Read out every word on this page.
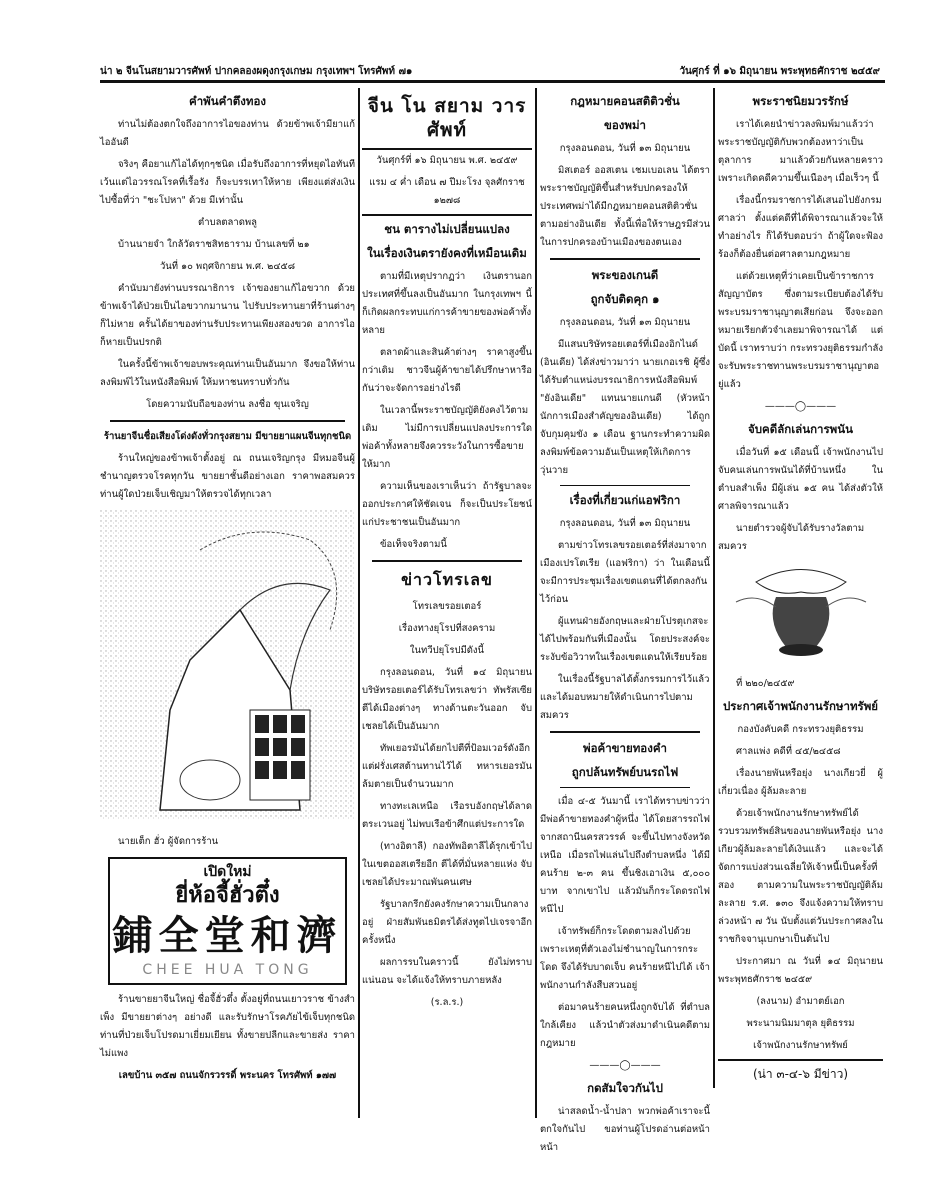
น่า ๒ จีนโนสยามวารศัพท์ ปากคลองผดุงกรุงเกษม กรุงเทพฯ โทรศัพท์ ๗๑	วันศุกร์ ที่ ๑๖ มิถุนายน พระพุทธศักราช ๒๔๕๙
คำพันคำตึงทอง

ท่านไม่ต้องตกใจถึงอาการไอของท่าน ด้วยข้าพเจ้ามียาแก้ไออันดี

จริงๆ คือยาแก้ไอได้ทุกๆชนิด เมื่อรับถึงอาการที่หยุดไอทันที เว้นแต่ไอวรรณโรคที่เรื้อรัง ก็จะบรรเทาให้หาย เพียงแต่ส่งเงินไปซื้อที่ว่า "ชะโปหา" ด้วย มีเท่านั้น

ตำบลตลาดพลู

บ้านนายจำ ใกล้วัดราชสิทธาราม บ้านเลขที่ ๒๑

วันที่ ๑๐ พฤศจิกายน พ.ศ. ๒๔๕๘

คำนับมายังท่านบรรณาธิการ เจ้าของยาแก้ไอขวาก ด้วยข้าพเจ้าได้ป่วยเป็นไอขวากมานาน ไปรับประทานยาที่ร้านต่างๆ ก็ไม่หาย ครั้นได้ยาของท่านรับประทานเพียงสองขวด อาการไอก็หายเป็นปรกติ

ในครั้งนี้ข้าพเจ้าขอบพระคุณท่านเป็นอันมาก จึงขอให้ท่านลงพิมพ์ไว้ในหนังสือพิมพ์ ให้มหาชนทราบทั่วกัน

โดยความนับถือของท่าน ลงชื่อ ขุนเจริญ

ร้านยาจีนชื่อเสียงโด่งดังทั่วกรุงสยาม มีขายยาแผนจีนทุกชนิด

ร้านใหญ่ของข้าพเจ้าตั้งอยู่ ณ ถนนเจริญกรุง มีหมอจีนผู้ชำนาญตรวจโรคทุกวัน ขายยาชั้นดีอย่างเอก ราคาพอสมควร ท่านผู้ใดป่วยเจ็บเชิญมาให้ตรวจได้ทุกเวลา

นายเต็ก ฮั่ว ผู้จัดการร้าน

เปิดใหม่
ยี่ห้อจี้ฮั่วตึ๋ง
鋪全堂和濟
CHEE HUA TONG

ร้านขายยาจีนใหญ่ ชื่อจี้ฮั่วตึ๋ง ตั้งอยู่ที่ถนนเยาวราช ข้างสำเพ็ง มีขายยาต่างๆ อย่างดี และรับรักษาโรคภัยไข้เจ็บทุกชนิด ท่านที่ป่วยเจ็บโปรดมาเยี่ยมเยียน ทั้งขายปลีกและขายส่ง ราคาไม่แพง

เลขบ้าน ๓๕๗ ถนนจักรวรรดิ์ พระนคร โทรศัพท์ ๑๗๗

จีน โน สยาม วารศัพท์

วันศุกร์ที่ ๑๖ มิถุนายน พ.ศ. ๒๔๕๙

แรม ๔ ค่ำ เดือน ๗ ปีมะโรง จุลศักราช ๑๒๗๘

ชน ตารางไม่เปลี่ยนแปลง
ในเรื่องเงินตรายังคงที่เหมือนเดิม

ตามที่มีเหตุปรากฏว่า เงินตรานอกประเทศที่ขึ้นลงเป็นอันมาก ในกรุงเทพฯ นี้ก็เกิดผลกระทบแก่การค้าขายของพ่อค้าทั้งหลาย

ตลาดผ้าและสินค้าต่างๆ ราคาสูงขึ้นกว่าเดิม ชาวจีนผู้ค้าขายได้ปรึกษาหารือกันว่าจะจัดการอย่างไรดี

ในเวลานี้พระราชบัญญัติยังคงไว้ตามเดิม ไม่มีการเปลี่ยนแปลงประการใด พ่อค้าทั้งหลายจึงควรระวังในการซื้อขายให้มาก

ความเห็นของเราเห็นว่า ถ้ารัฐบาลจะออกประกาศให้ชัดเจน ก็จะเป็นประโยชน์แก่ประชาชนเป็นอันมาก

ข้อเท็จจริงตามนี้

ข่าวโทรเลข

โทรเลขรอยเตอร์

เรื่องทางยุโรปที่สงคราม

ในทวีปยุโรปมีดังนี้

กรุงลอนดอน, วันที่ ๑๔ มิถุนายน บริษัทรอยเตอร์ได้รับโทรเลขว่า ทัพรัสเซียตีได้เมืองต่างๆ ทางด้านตะวันออก จับเชลยได้เป็นอันมาก

ทัพเยอรมันได้ยกไปตีที่ป้อมเวอร์ดังอีก แต่ฝรั่งเศสต้านทานไว้ได้ ทหารเยอรมันล้มตายเป็นจำนวนมาก

ทางทะเลเหนือ เรือรบอังกฤษได้ลาดตระเวนอยู่ ไม่พบเรือข้าศึกแต่ประการใด

(ทางอิตาลี) กองทัพอิตาลีได้รุกเข้าไปในเขตออสเตรียอีก ตีได้ที่มั่นหลายแห่ง จับเชลยได้ประมาณพันคนเศษ

รัฐบาลกรีกยังคงรักษาความเป็นกลางอยู่ ฝ่ายสัมพันธมิตรได้ส่งทูตไปเจรจาอีกครั้งหนึ่ง

ผลการรบในคราวนี้ ยังไม่ทราบแน่นอน จะได้แจ้งให้ทราบภายหลัง

(ร.ล.ร.)

กฎหมายคอนสติติวชั่น
ของพม่า

กรุงลอนดอน, วันที่ ๑๓ มิถุนายน

มิสเตอร์ ออสเตน เชมเบอเลน ได้ตราพระราชบัญญัติขึ้นสำหรับปกครองให้ประเทศพม่าได้มีกฎหมายคอนสติติวชั่นตามอย่างอินเดีย ทั้งนี้เพื่อให้ราษฎรมีส่วนในการปกครองบ้านเมืองของตนเอง

พระของเกนดี
ถูกจับติดคุก ๑

กรุงลอนดอน, วันที่ ๑๓ มิถุนายน

มีแสนบริษัทรอยเตอร์ที่เมืองอิกไนด์ (อินเดีย) ได้ส่งข่าวมาว่า นายเกอเรชิ ผู้ซึ่งได้รับตำแหน่งบรรณาธิการหนังสือพิมพ์ "ยังอินเดีย" แทนนายแกนดี (หัวหน้านักการเมืองสำคัญของอินเดีย) ได้ถูกจับกุมคุมขัง ๑ เดือน ฐานกระทำความผิดลงพิมพ์ข้อความอันเป็นเหตุให้เกิดการวุ่นวาย

เรื่องที่เกี่ยวแก่แอฟริกา

กรุงลอนดอน, วันที่ ๑๓ มิถุนายน

ตามข่าวโทรเลขรอยเตอร์ที่ส่งมาจากเมืองเปรโตเรีย (แอฟริกา) ว่า ในเดือนนี้ จะมีการประชุมเรื่องเขตแดนที่ได้ตกลงกันไว้ก่อน

ผู้แทนฝ่ายอังกฤษและฝ่ายโปรตุเกสจะได้ไปพร้อมกันที่เมืองนั้น โดยประสงค์จะระงับข้อวิวาทในเรื่องเขตแดนให้เรียบร้อย

ในเรื่องนี้รัฐบาลได้ตั้งกรรมการไว้แล้ว และได้มอบหมายให้ดำเนินการไปตามสมควร

พ่อค้าขายทองคำ
ถูกปล้นทรัพย์บนรถไฟ

เมื่อ ๔-๕ วันมานี้ เราได้ทราบข่าวว่า มีพ่อค้าขายทองคำผู้หนึ่ง ได้โดยสารรถไฟจากสถานีนครสวรรค์ จะขึ้นไปทางจังหวัดเหนือ เมื่อรถไฟแล่นไปถึงตำบลหนึ่ง ได้มีคนร้าย ๒-๓ คน ขึ้นชิงเอาเงิน ๕,๐๐๐ บาท จากเขาไป แล้วมันก็กระโดดรถไฟหนีไป

เจ้าทรัพย์ก็กระโดดตามลงไปด้วย เพราะเหตุที่ตัวเองไม่ชำนาญในการกระโดด จึงได้รับบาดเจ็บ คนร้ายหนีไปได้ เจ้าพนักงานกำลังสืบสวนอยู่

ต่อมาคนร้ายคนหนึ่งถูกจับได้ ที่ตำบลใกล้เคียง แล้วนำตัวส่งมาดำเนินคดีตามกฎหมาย

———◯———
กดสัมใจวกันไป

น่าสลดน้ำ-น้ำปลา พวกพ่อค้าเราจะนี้ตกใจกันไป ขอท่านผู้โปรดอ่านต่อหน้าหน้า

พระราชนิยมวรรักษ์

เราได้เคยนำข่าวลงพิมพ์มาแล้วว่า พระราชบัญญัติกับพวกต้องหาว่าเป็นตุลาการ มาแล้วด้วยกันหลายคราว เพราะเกิดคดีความขึ้นเนืองๆ เมื่อเร็วๆ นี้

เรื่องนี้กรมราชการได้เสนอไปยังกรมศาลว่า ตั้งแต่คดีที่ได้พิจารณาแล้วจะให้ทำอย่างไร ก็ได้รับตอบว่า ถ้าผู้ใดจะฟ้องร้องก็ต้องยื่นต่อศาลตามกฎหมาย

แต่ด้วยเหตุที่ว่าเคยเป็นข้าราชการสัญญาบัตร ซึ่งตามระเบียบต้องได้รับพระบรมราชานุญาตเสียก่อน จึงจะออกหมายเรียกตัวจำเลยมาพิจารณาได้ แต่บัดนี้ เราทราบว่า กระทรวงยุติธรรมกำลังจะรับพระราชทานพระบรมราชานุญาตอยู่แล้ว

———◯———
จับคดีลักเล่นการพนัน

เมื่อวันที่ ๑๕ เดือนนี้ เจ้าพนักงานไปจับคนเล่นการพนันได้ที่บ้านหนึ่ง ในตำบลสำเพ็ง มีผู้เล่น ๑๕ คน ได้ส่งตัวให้ศาลพิจารณาแล้ว

นายตำรวจผู้จับได้รับรางวัลตามสมควร

ที่ ๒๒๐/๒๔๕๙

ประกาศเจ้าพนักงานรักษาทรัพย์

กองบังคับคดี กระทรวงยุติธรรม

ศาลแพ่ง คดีที่ ๔๕/๒๔๕๘

เรื่องนายพันหรือยุ่ง นางเกียวยี่ ผู้เกี่ยวเนื่อง ผู้ล้มละลาย

ด้วยเจ้าพนักงานรักษาทรัพย์ได้รวบรวมทรัพย์สินของนายพันหรือยุ่ง นางเกียวผู้ล้มละลายได้เงินแล้ว และจะได้จัดการแบ่งส่วนเฉลี่ยให้เจ้าหนี้เป็นครั้งที่สอง ตามความในพระราชบัญญัติล้มละลาย ร.ศ. ๑๓๐ จึงแจ้งความให้ทราบล่วงหน้า ๗ วัน นับตั้งแต่วันประกาศลงในราชกิจจานุเบกษาเป็นต้นไป

ประกาศมา ณ วันที่ ๑๔ มิถุนายน พระพุทธศักราช ๒๔๕๙

(ลงนาม) อำมาตย์เอก

พระนามนิมมาตุล ยุติธรรม

เจ้าพนักงานรักษาทรัพย์

(น่า ๓-๔-๖ มีข่าว)
